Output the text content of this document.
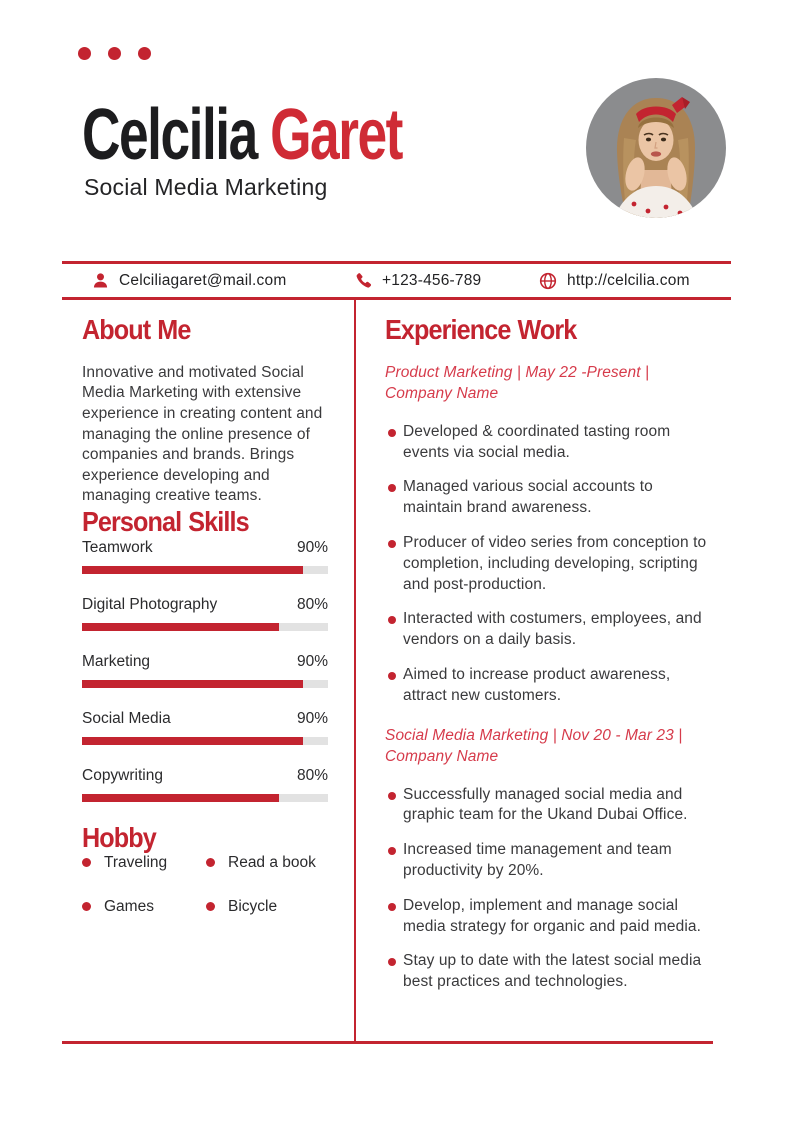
Celcilia Garet

Social Media Marketing

Celciliagaret@mail.com	+123-456-789	http://celcilia.com
About Me

Innovative and motivated Social Media Marketing with extensive experience in creating content and managing the online presence of companies and brands. Brings experience developing and managing creative teams.

Personal Skills
Teamwork	90%
Digital Photography	80%
Marketing	90%
Social Media	90%
Copywriting	80%
Hobby
Traveling	Read a book
Games	Bicycle
Experience Work

Product Marketing | May 22 -Present | Company Name

Developed & coordinated tasting room events via social media.
Managed various social accounts to maintain brand awareness.
Producer of video series from conception to completion, including developing, scripting and post-production.
Interacted with costumers, employees, and vendors on a daily basis.
Aimed to increase product awareness, attract new customers.

Social Media Marketing | Nov 20 - Mar 23 | Company Name

Successfully managed social media and graphic team for the Ukand Dubai Office.
Increased time management and team productivity by 20%.
Develop, implement and manage social media strategy for organic and paid media.
Stay up to date with the latest social media best practices and technologies.
